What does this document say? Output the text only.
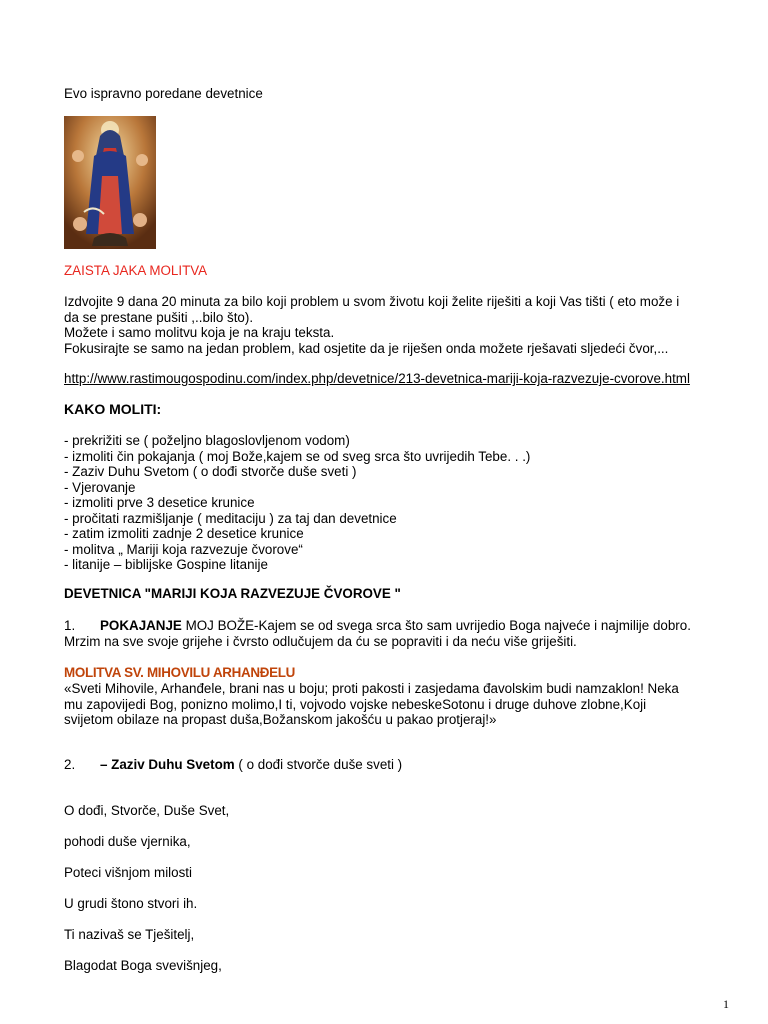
Evo ispravno poredane devetnice
ZAISTA JAKA MOLITVA
Izdvojite 9 dana 20 minuta za bilo koji problem u svom životu koji želite riješiti a koji Vas tišti ( eto može i
da se prestane pušiti ,..bilo što).
Možete i samo molitvu koja je na kraju teksta.
Fokusirajte se samo na jedan problem, kad osjetite da je riješen onda možete rješavati sljedeći čvor,...
http://www.rastimougospodinu.com/index.php/devetnice/213-devetnica-mariji-koja-razvezuje-cvorove.html
KAKO MOLITI:
- prekrižiti se ( poželjno blagoslovljenom vodom)
- izmoliti čin pokajanja ( moj Bože,kajem se od sveg srca što uvrijedih Tebe. . .)
- Zaziv Duhu Svetom ( o dođi stvorče duše sveti )
- Vjerovanje
- izmoliti prve 3 desetice krunice
- pročitati razmišljanje ( meditaciju ) za taj dan devetnice
- zatim izmoliti zadnje 2 desetice krunice
- molitva „ Mariji koja razvezuje čvorove“
- litanije – biblijske Gospine litanije
DEVETNICA "MARIJI KOJA RAZVEZUJE ČVOROVE "
1. POKAJANJE MOJ BOŽE-Kajem se od svega srca što sam uvrijedio Boga najveće i najmilije dobro.
Mrzim na sve svoje grijehe i čvrsto odlučujem da ću se popraviti i da neću više griješiti.
MOLITVA SV. MIHOVILU ARHANĐELU
«Sveti Mihovile, Arhanđele, brani nas u boju; proti pakosti i zasjedama đavolskim budi namzaklon! Neka
mu zapovijedi Bog, ponizno molimo,I ti, vojvodo vojske nebeskeSotonu i druge duhove zlobne,Koji
svijetom obilaze na propast duša,Božanskom jakošću u pakao protjeraj!»
2. – Zaziv Duhu Svetom ( o dođi stvorče duše sveti )
O dođi, Stvorče, Duše Svet,
pohodi duše vjernika,
Poteci višnjom milosti
U grudi štono stvori ih.
Ti nazivaš se Tješitelj,
Blagodat Boga svevišnjeg,
1
